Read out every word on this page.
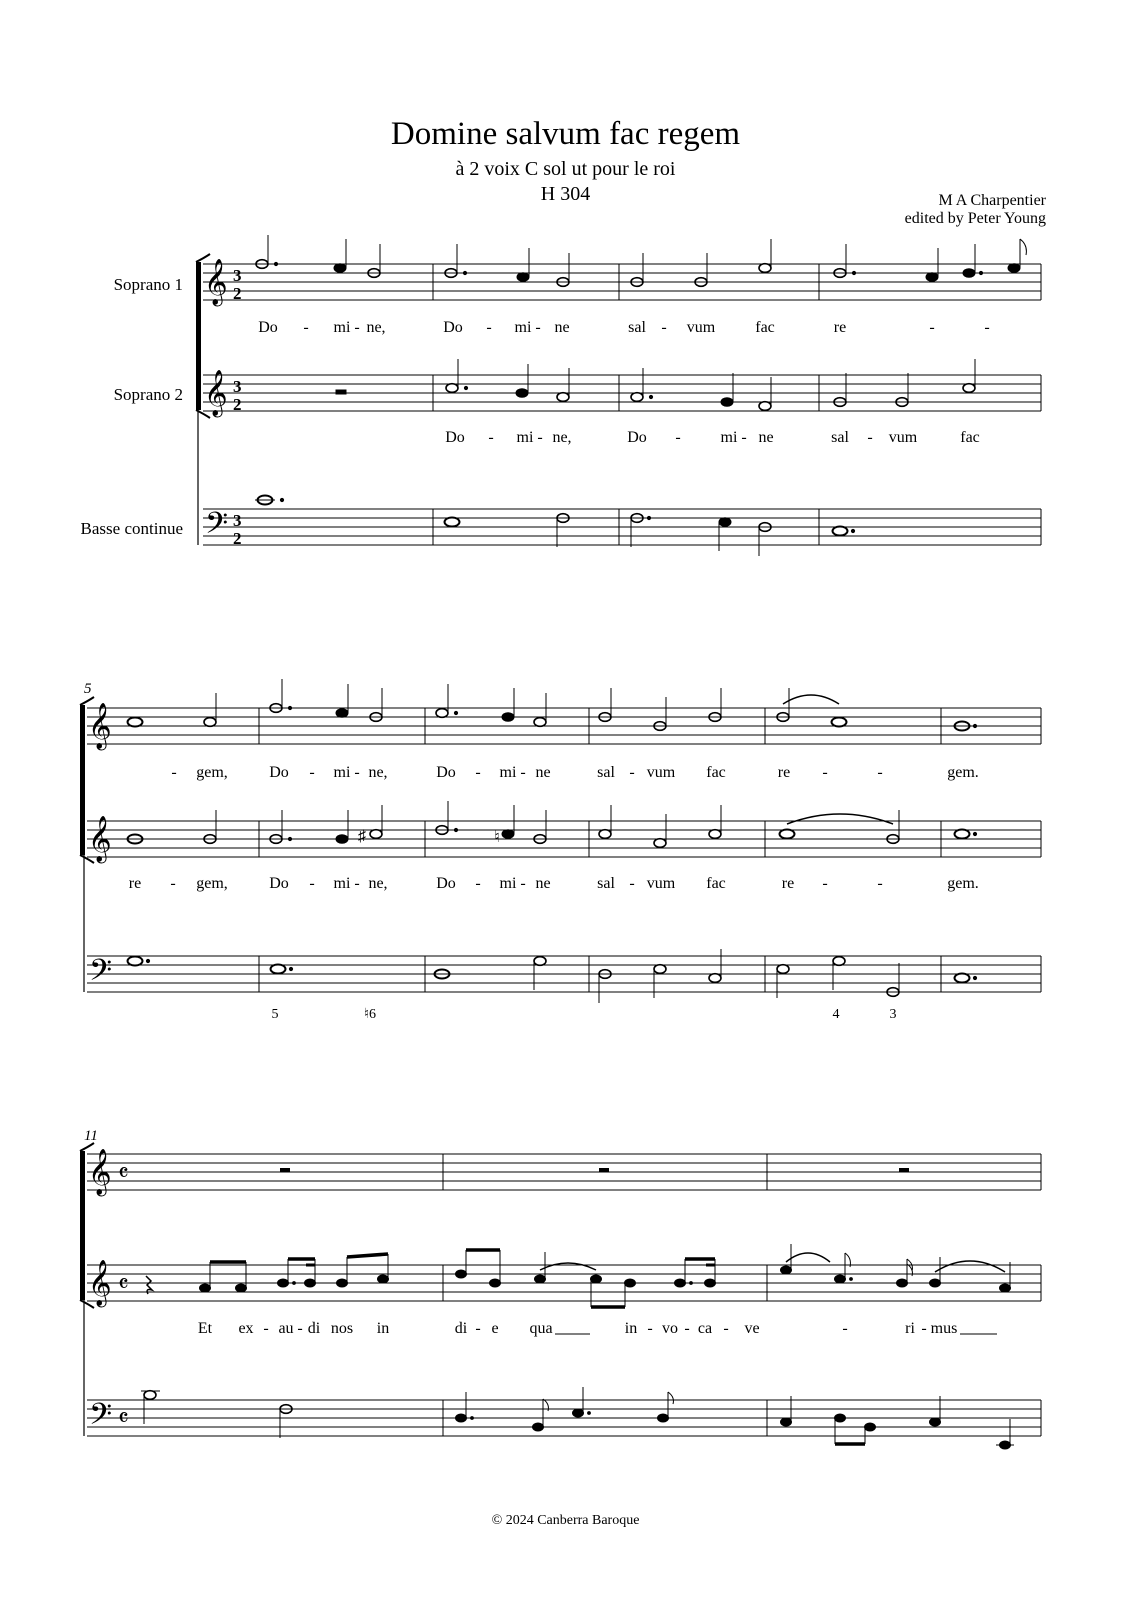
Domine salvum fac regem
à 2 voix C sol ut pour le roi
H 304	M A Charpentier
edited by Peter Young
Soprano 1
Soprano 2
Basse continue
𝄞
𝄞
𝄢
3
2
3
2
3
2
Do - mi - ne,	Do - mi - ne	sal - vum	fac	re	-	-
Do - mi - ne,	Do - mi - ne	sal - vum	fac
5
𝄞
𝄞
𝄢
- gem,	Do - mi - ne,	Do - mi - ne	sal - vum fac	re -	-	gem.
♯	♮
re - gem,	Do - mi - ne,	Do - mi - ne	sal - vum fac	re -	-	gem.
5	♮6	4	3
11
𝄞
𝄞
𝄢
𝄴
𝄴
𝄴
Et ex - au - di nos in	di - e qua	in - vo - ca - ve	-	ri - mus
© 2024 Canberra Baroque
